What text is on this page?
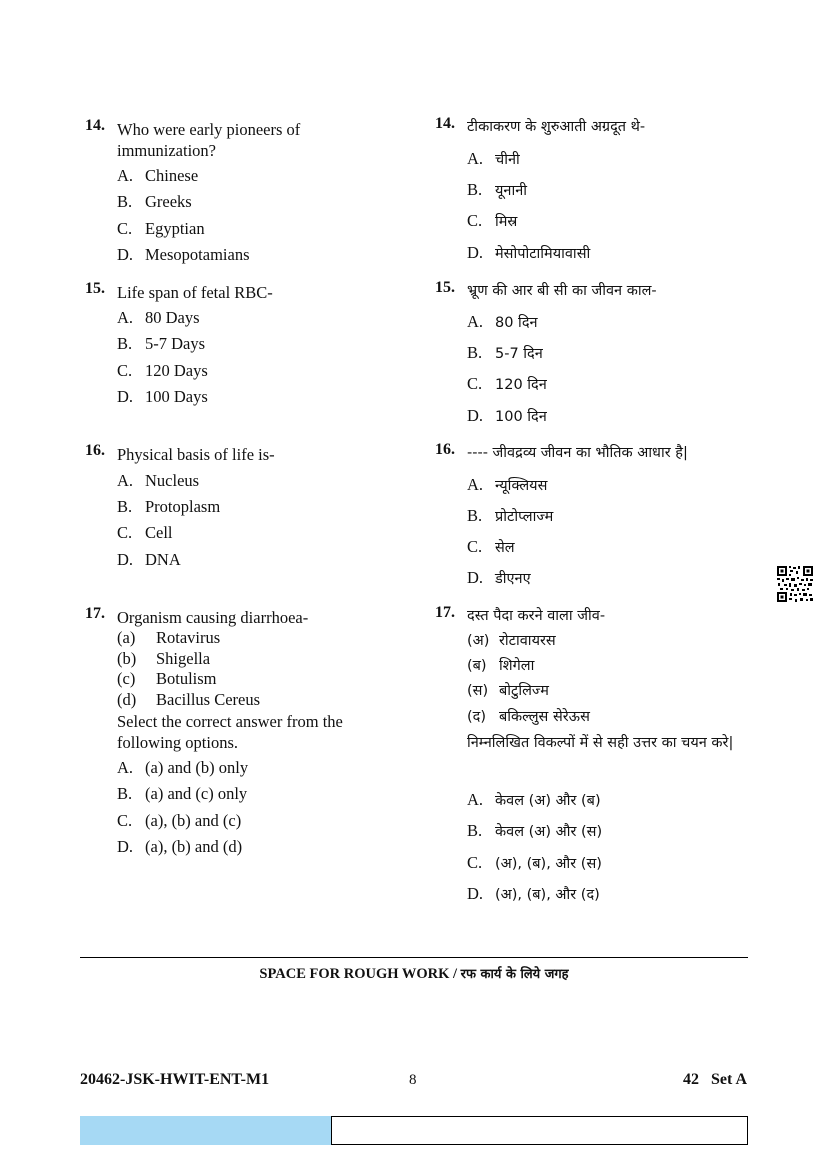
14. Who were early pioneers of immunization?
A. Chinese
B. Greeks
C. Egyptian
D. Mesopotamians
15. Life span of fetal RBC-
A. 80 Days
B. 5-7 Days
C. 120 Days
D. 100 Days
16. Physical basis of life is-
A. Nucleus
B. Protoplasm
C. Cell
D. DNA
17. Organism causing diarrhoea-
(a) Rotavirus
(b) Shigella
(c) Botulism
(d) Bacillus Cereus
Select the correct answer from the following options.
A. (a) and (b) only
B. (a) and (c) only
C. (a), (b) and (c)
D. (a), (b) and (d)
14. टीकाकरण के शुरुआती अग्रदूत थे-
A. चीनी
B. यूनानी
C. मिस्र
D. मेसोपोटामियावासी
15. भ्रूण की आर बी सी का जीवन काल-
A. 80 दिन
B. 5-7 दिन
C. 120 दिन
D. 100 दिन
16. ---- जीवद्रव्य जीवन का भौतिक आधार है|
A. न्यूक्लियस
B. प्रोटोप्लाज्म
C. सेल
D. डीएनए
17. दस्त पैदा करने वाला जीव-
(अ) रोटावायरस
(ब) शिगेला
(स) बोटुलिज्म
(द) बकिल्लुस सेरेऊस
निम्नलिखित विकल्पों में से सही उत्तर का चयन करे|
A. केवल (अ) और (ब)
B. केवल (अ) और (स)
C. (अ), (ब), और (स)
D. (अ), (ब), और (द)
SPACE FOR ROUGH WORK / रफ कार्य के लिये जगह
20462-JSK-HWIT-ENT-M1	8	42   Set A
